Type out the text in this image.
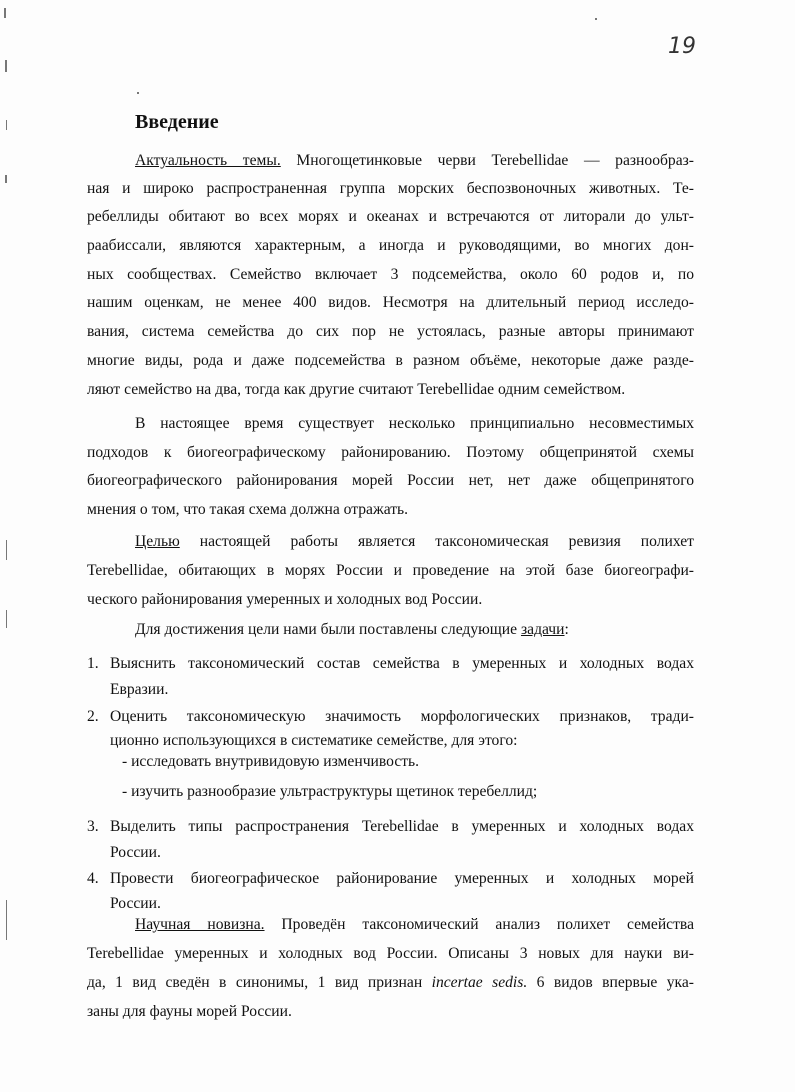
19
Введение
Актуальность темы. Многощетинковые черви Terebellidae — разнообраз-
ная и широко распространенная группа морских беспозвоночных животных. Те-
ребеллиды обитают во всех морях и океанах и встречаются от литорали до ульт-
раабиссали, являются характерным, а иногда и руководящими, во многих дон-
ных сообществах. Семейство включает 3 подсемейства, около 60 родов и, по
нашим оценкам, не менее 400 видов. Несмотря на длительный период исследо-
вания, система семейства до сих пор не устоялась, разные авторы принимают
многие виды, рода и даже подсемейства в разном объёме, некоторые даже разде-
ляют семейство на два, тогда как другие считают Terebellidae одним семейством.
В настоящее время существует несколько принципиально несовместимых
подходов к биогеографическому районированию. Поэтому общепринятой схемы
биогеографического районирования морей России нет, нет даже общепринятого
мнения о том, что такая схема должна отражать.
Целью настоящей работы является таксономическая ревизия полихет
Terebellidae, обитающих в морях России и проведение на этой базе биогеографи-
ческого районирования умеренных и холодных вод России.
Для достижения цели нами были поставлены следующие задачи:
1. Выяснить таксономический состав семейства в умеренных и холодных водах
Евразии.
2. Оценить таксономическую значимость морфологических признаков, тради-
ционно использующихся в систематике семействе, для этого:
- исследовать внутривидовую изменчивость.
- изучить разнообразие ультраструктуры щетинок теребеллид;
3. Выделить типы распространения Terebellidae в умеренных и холодных водах
России.
4. Провести биогеографическое районирование умеренных и холодных морей
России.
Научная новизна. Проведён таксономический анализ полихет семейства
Terebellidae умеренных и холодных вод России. Описаны 3 новых для науки ви-
да, 1 вид сведён в синонимы, 1 вид признан incertae sedis. 6 видов впервые ука-
заны для фауны морей России.
